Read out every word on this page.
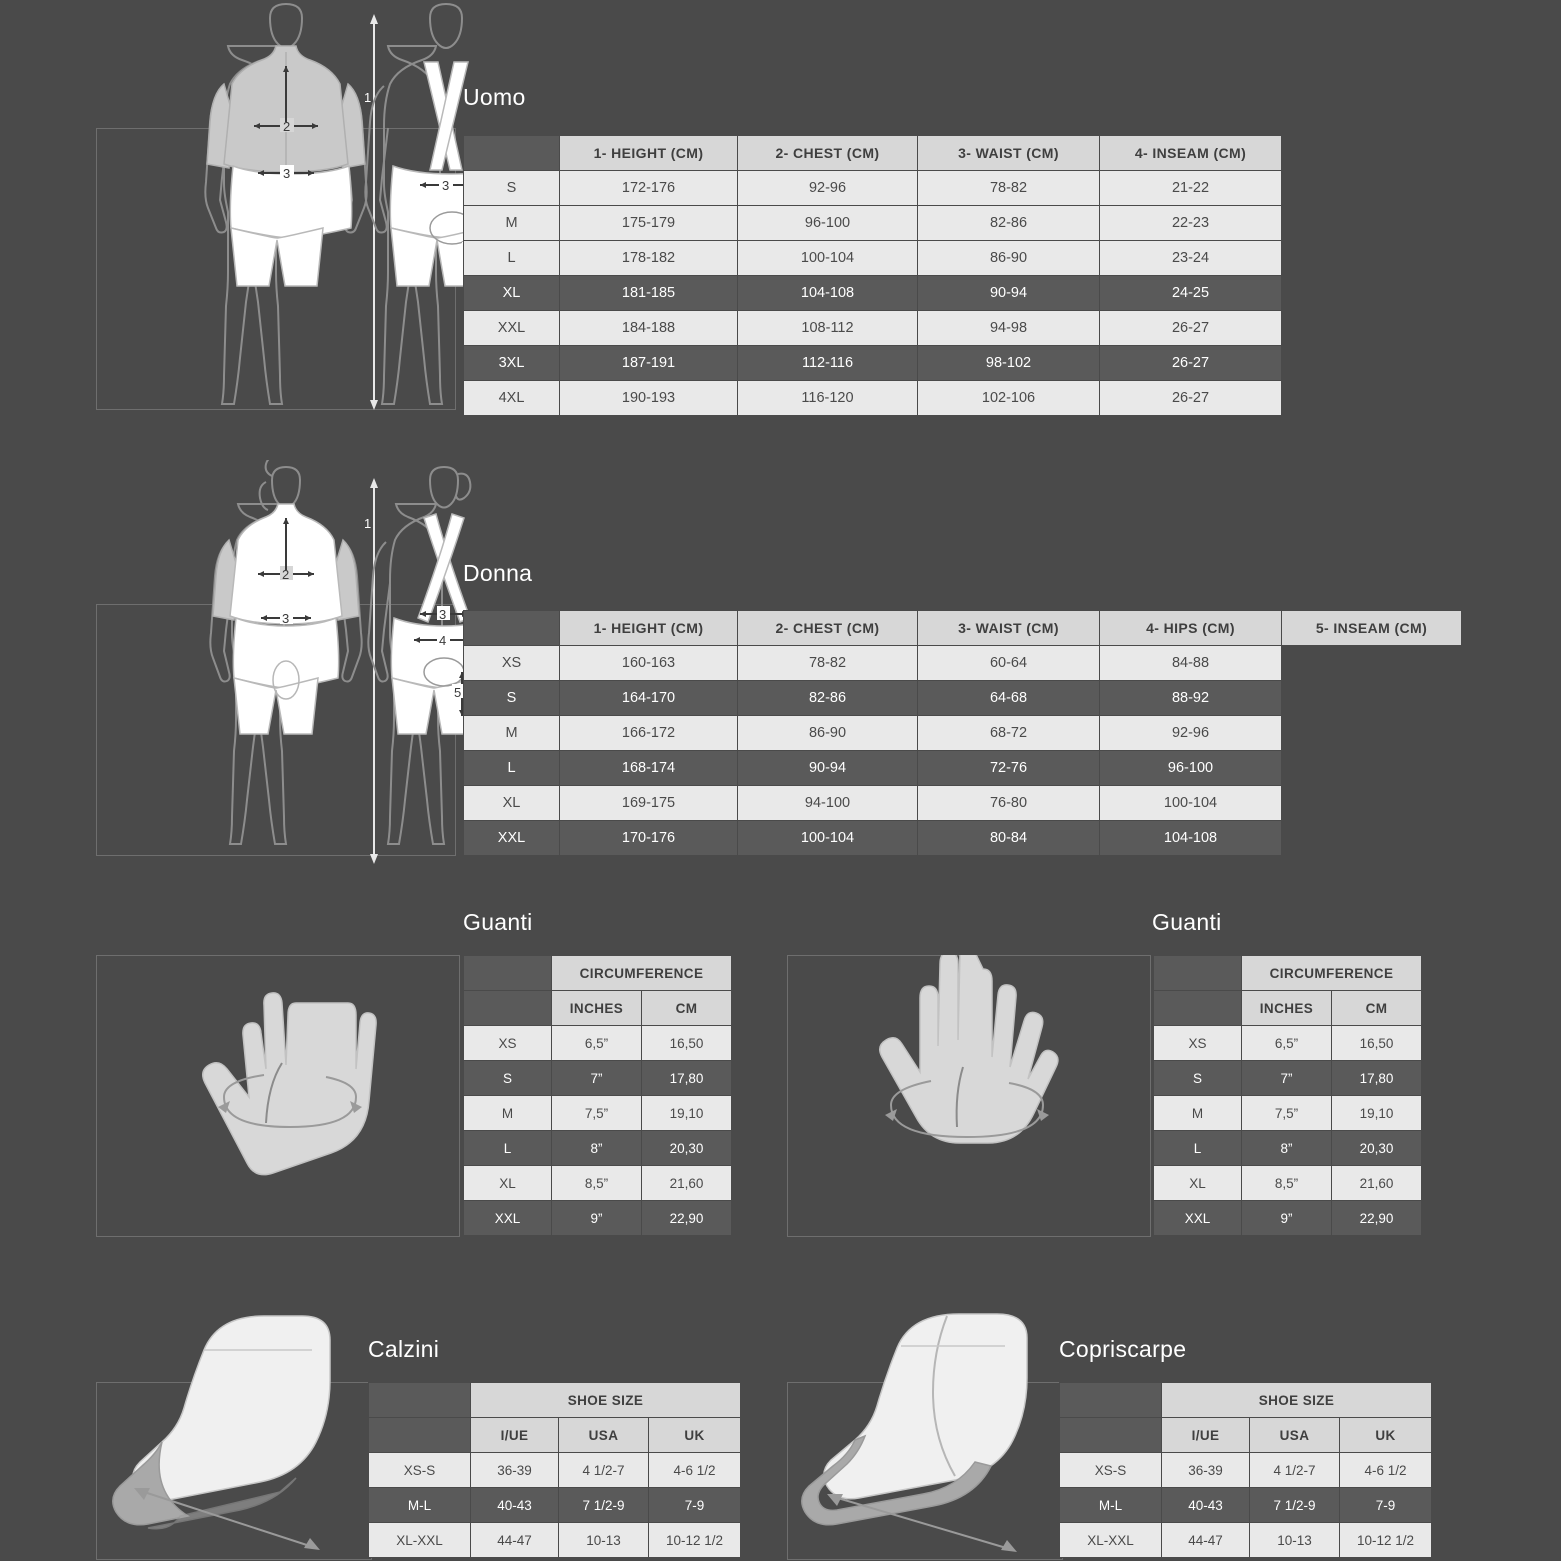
2
3
1
3
Uomo
	1- HEIGHT (CM)	2- CHEST (CM)	3- WAIST (CM)	4- INSEAM (CM)
S	172-176	92-96	78-82	21-22
M	175-179	96-100	82-86	22-23
L	178-182	100-104	86-90	23-24
XL	181-185	104-108	90-94	24-25
XXL	184-188	108-112	94-98	26-27
3XL	187-191	112-116	98-102	26-27
4XL	190-193	116-120	102-106	26-27
2
3
1
3
4
5
Donna
	1- HEIGHT (CM)	2- CHEST (CM)	3- WAIST (CM)	4- HIPS (CM)	5- INSEAM (CM)
XS	160-163	78-82	60-64	84-88	
S	164-170	82-86	64-68	88-92	
M	166-172	86-90	68-72	92-96	
L	168-174	90-94	72-76	96-100	
XL	169-175	94-100	76-80	100-104	
XXL	170-176	100-104	80-84	104-108	
Guanti
	CIRCUMFERENCE	
	INCHES	CM
XS	6,5”	16,50
S	7”	17,80
M	7,5”	19,10
L	8”	20,30
XL	8,5”	21,60
XXL	9”	22,90
Guanti
	CIRCUMFERENCE	
	INCHES	CM
XS	6,5”	16,50
S	7”	17,80
M	7,5”	19,10
L	8”	20,30
XL	8,5”	21,60
XXL	9”	22,90
Calzini
	SHOE SIZE		
	I/UE	USA	UK
XS-S	36-39	4 1/2-7	4-6 1/2
M-L	40-43	7 1/2-9	7-9
XL-XXL	44-47	10-13	10-12 1/2
Copriscarpe
	SHOE SIZE		
	I/UE	USA	UK
XS-S	36-39	4 1/2-7	4-6 1/2
M-L	40-43	7 1/2-9	7-9
XL-XXL	44-47	10-13	10-12 1/2
